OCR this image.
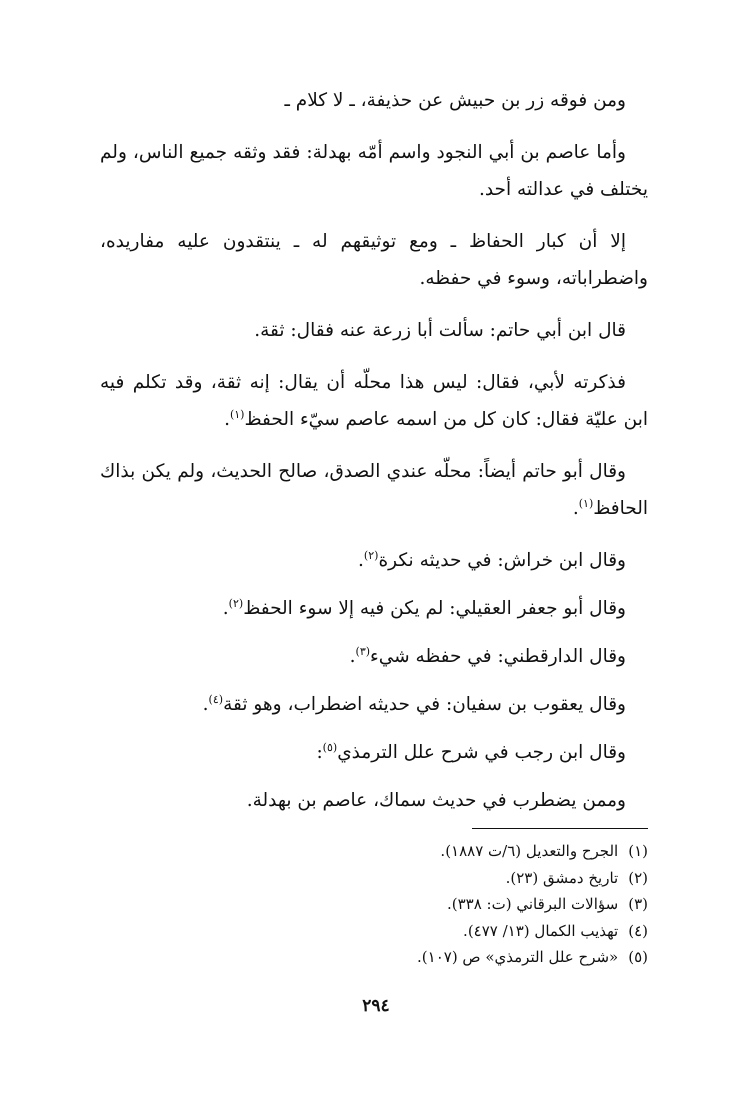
ومن فوقه زر بن حبيش عن حذيفة، ـ لا كلام ـ

وأما عاصم بن أبي النجود واسم أمّه بهدلة: فقد وثقه جميع الناس، ولم يختلف في عدالته أحد.

إلا أن كبار الحفاظ ـ ومع توثيقهم له ـ ينتقدون عليه مفاريده، واضطراباته، وسوء في حفظه.

قال ابن أبي حاتم: سألت أبا زرعة عنه فقال: ثقة.

فذكرته لأبي، فقال: ليس هذا محلّه أن يقال: إنه ثقة، وقد تكلم فيه ابن عليّة فقال: كان كل من اسمه عاصم سيّء الحفظ$^{(١)}$.

وقال أبو حاتم أيضاً: محلّه عندي الصدق، صالح الحديث، ولم يكن بذاك الحافظ$^{(١)}$.

وقال ابن خراش: في حديثه نكرة$^{(٢)}$.

وقال أبو جعفر العقيلي: لم يكن فيه إلا سوء الحفظ$^{(٢)}$.

وقال الدارقطني: في حفظه شيء$^{(٣)}$.

وقال يعقوب بن سفيان: في حديثه اضطراب، وهو ثقة$^{(٤)}$.

وقال ابن رجب في شرح علل الترمذي$^{(٥)}$:

وممن يضطرب في حديث سماك، عاصم بن بهدلة.

(١)الجرح والتعديل (٦/ت ١٨٨٧).
(٢)تاريخ دمشق (٢٣).
(٣)سؤالات البرقاني (ت: ٣٣٨).
(٤)تهذيب الكمال (١٣/ ٤٧٧).
(٥)«شرح علل الترمذي» ص (١٠٧).
٢٩٤
